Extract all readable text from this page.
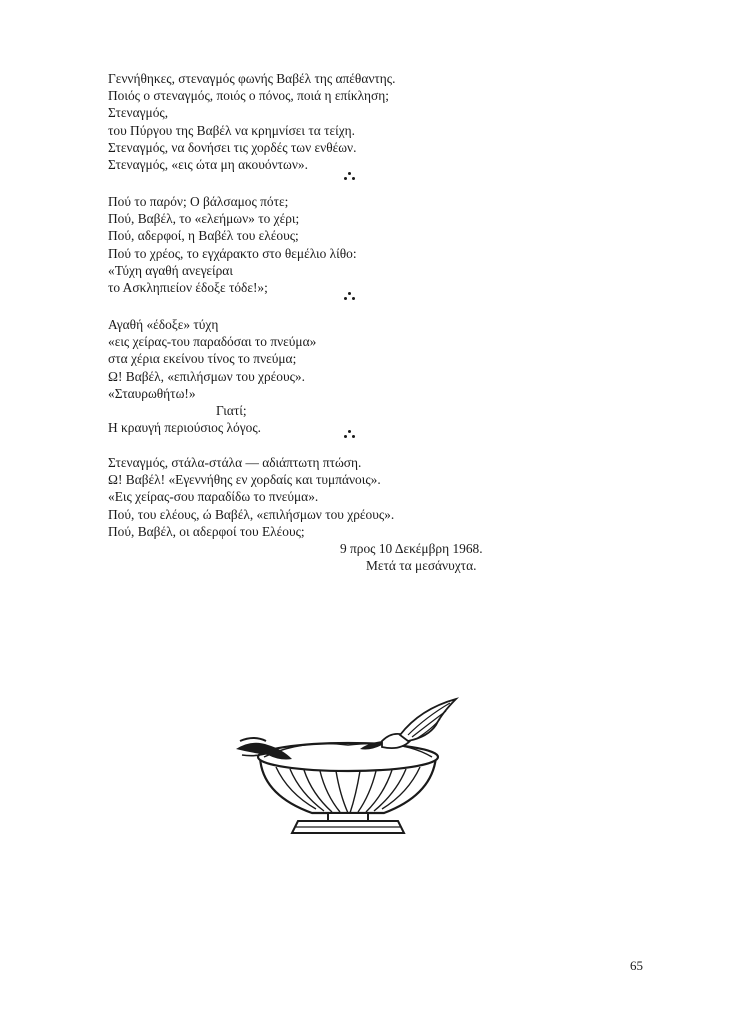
Γεννήθηκες, στεναγμός φωνής Βαβέλ της απέθαντης.
Ποιός ο στεναγμός, ποιός ο πόνος, ποιά η επίκληση;
Στεναγμός,
του Πύργου της Βαβέλ να κρημνίσει τα τείχη.
Στεναγμός, να δονήσει τις χορδές των ενθέων.
Στεναγμός, «εις ώτα μη ακουόντων».
Πού το παρόν; Ο βάλσαμος πότε;
Πού, Βαβέλ, το «ελεήμων» το χέρι;
Πού, αδερφοί, η Βαβέλ του ελέους;
Πού το χρέος, το εγχάρακτο στο θεμέλιο λίθο:
«Τύχη αγαθή ανεγείραι
το Ασκληπιείον έδοξε τόδε!»;
Αγαθή «έδοξε» τύχη
«εις χείρας-του παραδόσαι το πνεύμα»
στα χέρια εκείνου τίνος το πνεύμα;
Ω! Βαβέλ, «επιλήσμων του χρέους».
«Σταυρωθήτω!»
Γιατί;
Η κραυγή περιούσιος λόγος.
Στεναγμός, στάλα-στάλα — αδιάπτωτη πτώση.
Ω! Βαβέλ! «Εγεννήθης εν χορδαίς και τυμπάνοις».
«Εις χείρας-σου παραδίδω το πνεύμα».
Πού, του ελέους, ώ Βαβέλ, «επιλήσμων του χρέους».
Πού, Βαβέλ, οι αδερφοί του Ελέους;
9 προς 10 Δεκέμβρη 1968.
Μετά τα μεσάνυχτα.
65
